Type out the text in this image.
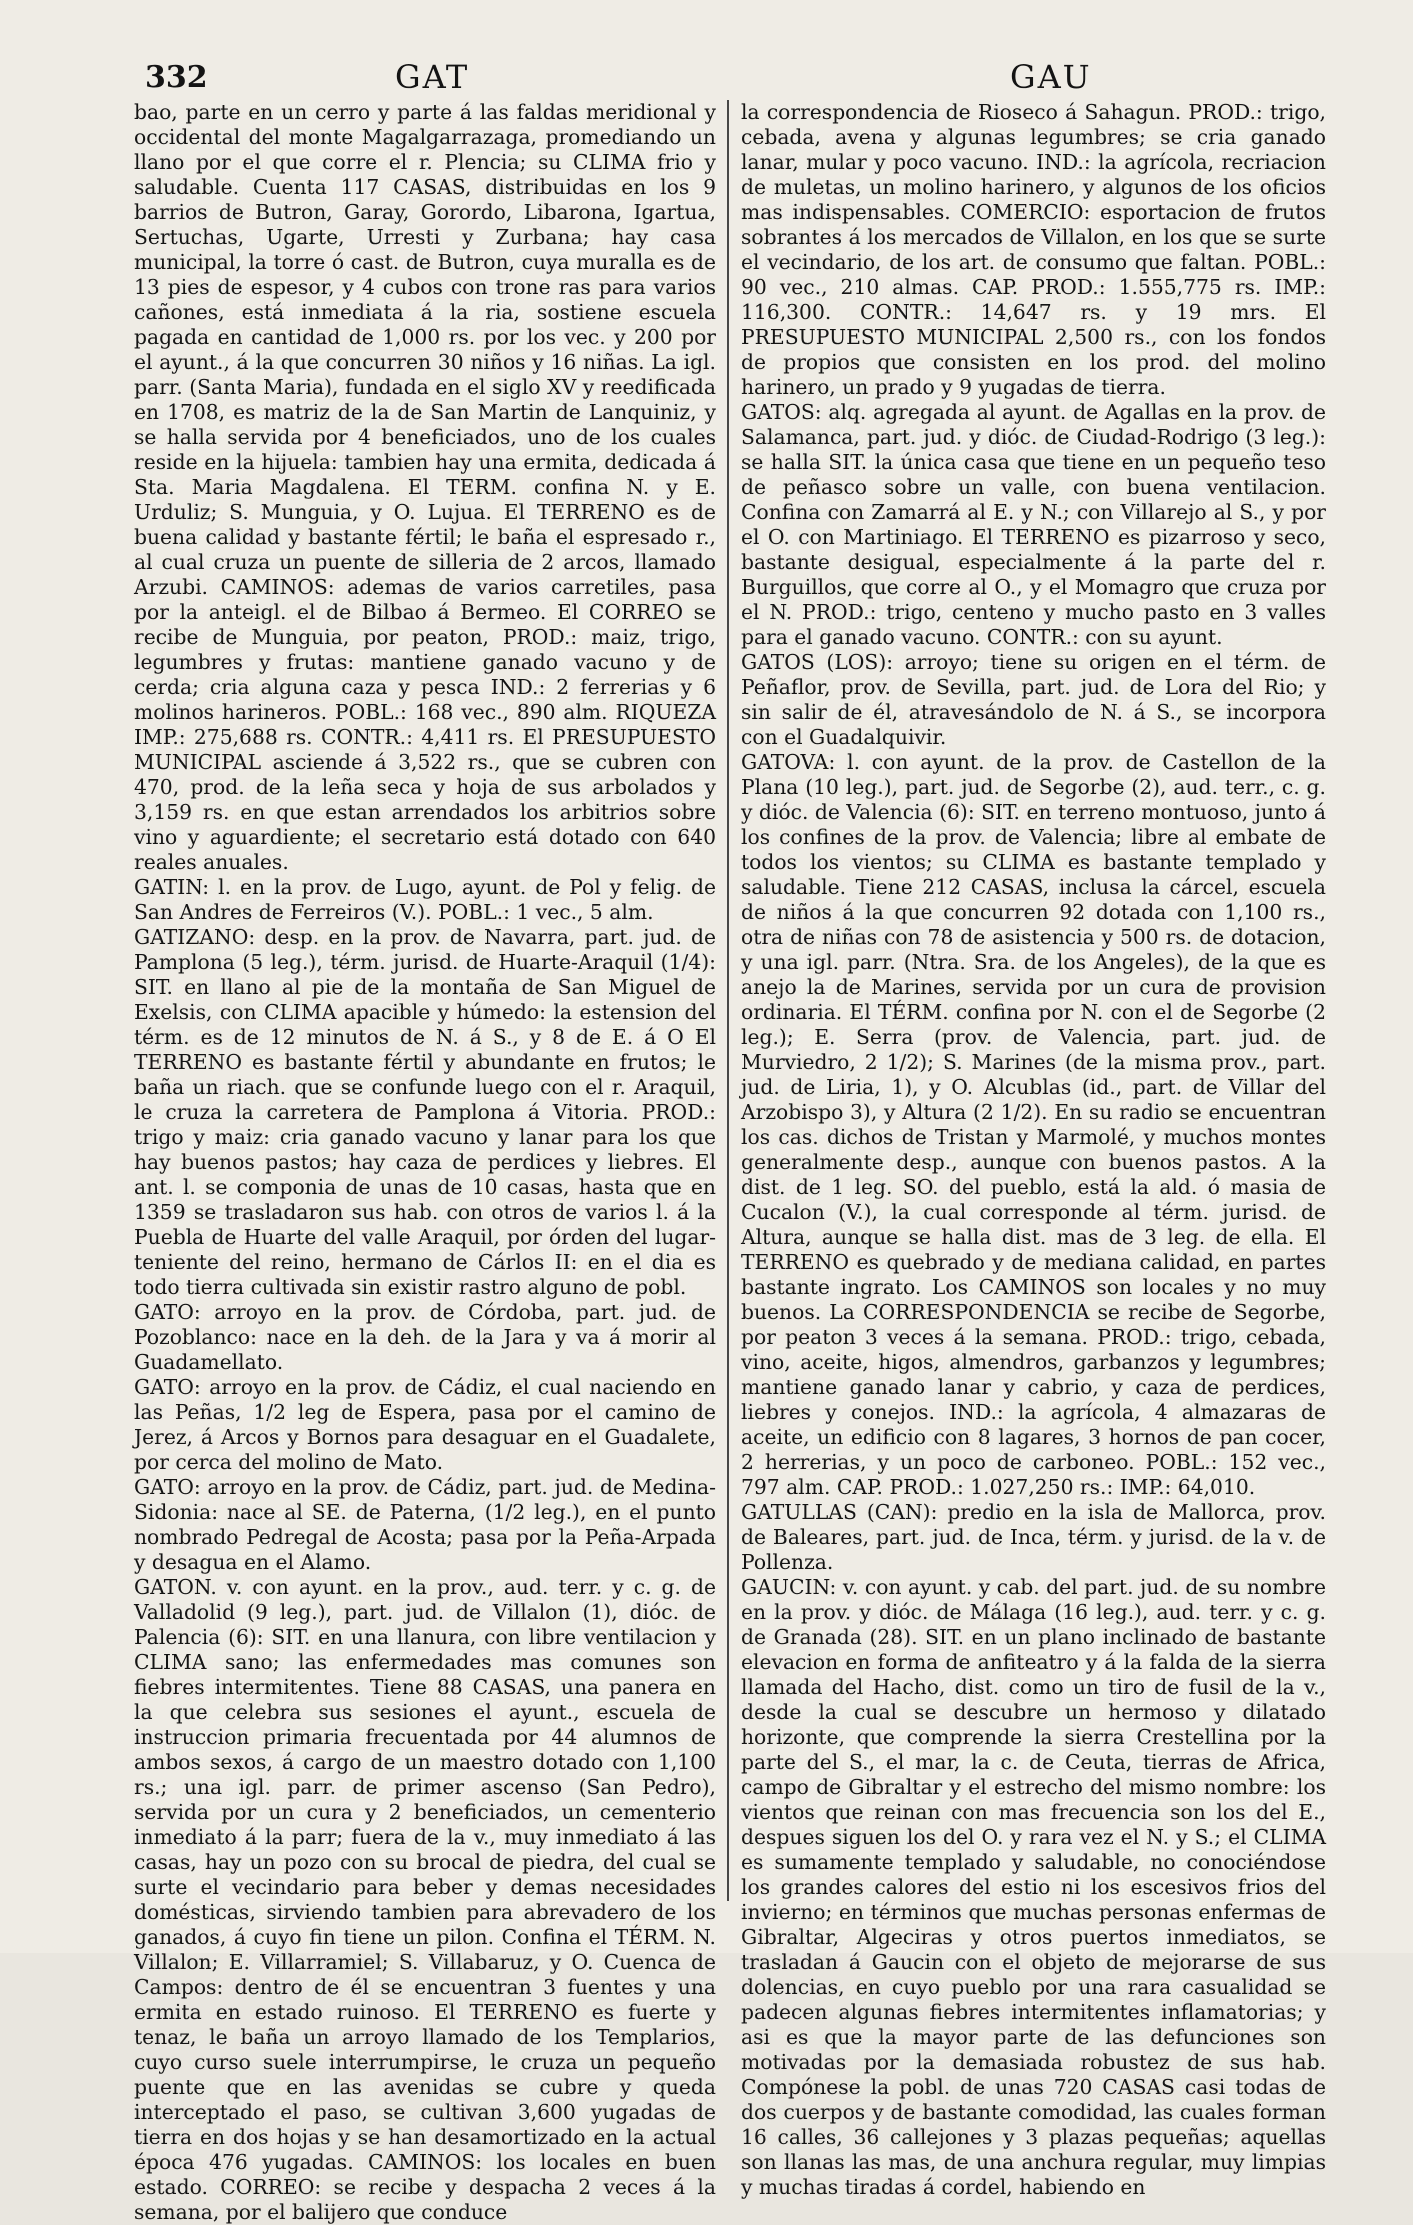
332	GAT	GAU

bao, parte en un cerro y parte á las faldas meridional y occidental del monte Magalgarrazaga, promediando un llano por el que corre el r. Plencia; su CLIMA frio y saludable. Cuenta 117 CASAS, distribuidas en los 9 barrios de Butron, Garay, Gorordo, Libarona, Igartua, Sertuchas, Ugarte, Urresti y Zurbana; hay casa municipal, la torre ó cast. de Butron, cuya muralla es de 13 pies de espesor, y 4 cubos con trone ras para varios cañones, está inmediata á la ria, sostiene escuela pagada en cantidad de 1,000 rs. por los vec. y 200 por el ayunt., á la que concurren 30 niños y 16 niñas. La igl. parr. (Santa Maria), fundada en el siglo XV y reedificada en 1708, es matriz de la de San Martin de Lanquiniz, y se halla servida por 4 beneficiados, uno de los cuales reside en la hijuela: tambien hay una ermita, dedicada á Sta. Maria Magdalena. El TERM. confina N. y E. Urduliz; S. Munguia, y O. Lujua. El TERRENO es de buena calidad y bastante fértil; le baña el espresado r., al cual cruza un puente de silleria de 2 arcos, llamado Arzubi. CAMINOS: ademas de varios carretiles, pasa por la anteigl. el de Bilbao á Bermeo. El CORREO se recibe de Munguia, por peaton, PROD.: maiz, trigo, legumbres y frutas: mantiene ganado vacuno y de cerda; cria alguna caza y pesca IND.: 2 ferrerias y 6 molinos harineros. POBL.: 168 vec., 890 alm. RIQUEZA IMP.: 275,688 rs. CONTR.: 4,411 rs. El PRESUPUESTO MUNICIPAL asciende á 3,522 rs., que se cubren con 470, prod. de la leña seca y hoja de sus arbolados y 3,159 rs. en que estan arrendados los arbitrios sobre vino y aguardiente; el secretario está dotado con 640 reales anuales.

GATIN: l. en la prov. de Lugo, ayunt. de Pol y felig. de San Andres de Ferreiros (V.). POBL.: 1 vec., 5 alm.

GATIZANO: desp. en la prov. de Navarra, part. jud. de Pamplona (5 leg.), térm. jurisd. de Huarte-Araquil (1/4): SIT. en llano al pie de la montaña de San Miguel de Exelsis, con CLIMA apacible y húmedo: la estension del térm. es de 12 minutos de N. á S., y 8 de E. á O El TERRENO es bastante fértil y abundante en frutos; le baña un riach. que se confunde luego con el r. Araquil, le cruza la carretera de Pamplona á Vitoria. PROD.: trigo y maiz: cria ganado vacuno y lanar para los que hay buenos pastos; hay caza de perdices y liebres. El ant. l. se componia de unas de 10 casas, hasta que en 1359 se trasladaron sus hab. con otros de varios l. á la Puebla de Huarte del valle Araquil, por órden del lugar-teniente del reino, hermano de Cárlos II: en el dia es todo tierra cultivada sin existir rastro alguno de pobl.

GATO: arroyo en la prov. de Córdoba, part. jud. de Pozoblanco: nace en la deh. de la Jara y va á morir al Guadamellato.

GATO: arroyo en la prov. de Cádiz, el cual naciendo en las Peñas, 1/2 leg de Espera, pasa por el camino de Jerez, á Arcos y Bornos para desaguar en el Guadalete, por cerca del molino de Mato.

GATO: arroyo en la prov. de Cádiz, part. jud. de Medina-Sidonia: nace al SE. de Paterna, (1/2 leg.), en el punto nombrado Pedregal de Acosta; pasa por la Peña-Arpada y desagua en el Alamo.

GATON. v. con ayunt. en la prov., aud. terr. y c. g. de Valladolid (9 leg.), part. jud. de Villalon (1), dióc. de Palencia (6): SIT. en una llanura, con libre ventilacion y CLIMA sano; las enfermedades mas comunes son fiebres intermitentes. Tiene 88 CASAS, una panera en la que celebra sus sesiones el ayunt., escuela de instruccion primaria frecuentada por 44 alumnos de ambos sexos, á cargo de un maestro dotado con 1,100 rs.; una igl. parr. de primer ascenso (San Pedro), servida por un cura y 2 beneficiados, un cementerio inmediato á la parr; fuera de la v., muy inmediato á las casas, hay un pozo con su brocal de piedra, del cual se surte el vecindario para beber y demas necesidades domésticas, sirviendo tambien para abrevadero de los ganados, á cuyo fin tiene un pilon. Confina el TÉRM. N. Villalon; E. Villarramiel; S. Villabaruz, y O. Cuenca de Campos: dentro de él se encuentran 3 fuentes y una ermita en estado ruinoso. El TERRENO es fuerte y tenaz, le baña un arroyo llamado de los Templarios, cuyo curso suele interrumpirse, le cruza un pequeño puente que en las avenidas se cubre y queda interceptado el paso, se cultivan 3,600 yugadas de tierra en dos hojas y se han desamortizado en la actual época 476 yugadas. CAMINOS: los locales en buen estado. CORREO: se recibe y despacha 2 veces á la semana, por el balijero que conduce

la correspondencia de Rioseco á Sahagun. PROD.: trigo, cebada, avena y algunas legumbres; se cria ganado lanar, mular y poco vacuno. IND.: la agrícola, recriacion de muletas, un molino harinero, y algunos de los oficios mas indispensables. COMERCIO: esportacion de frutos sobrantes á los mercados de Villalon, en los que se surte el vecindario, de los art. de consumo que faltan. POBL.: 90 vec., 210 almas. CAP. PROD.: 1.555,775 rs. IMP.: 116,300. CONTR.: 14,647 rs. y 19 mrs. El PRESUPUESTO MUNICIPAL 2,500 rs., con los fondos de propios que consisten en los prod. del molino harinero, un prado y 9 yugadas de tierra.

GATOS: alq. agregada al ayunt. de Agallas en la prov. de Salamanca, part. jud. y dióc. de Ciudad-Rodrigo (3 leg.): se halla SIT. la única casa que tiene en un pequeño teso de peñasco sobre un valle, con buena ventilacion. Confina con Zamarrá al E. y N.; con Villarejo al S., y por el O. con Martiniago. El TERRENO es pizarroso y seco, bastante desigual, especialmente á la parte del r. Burguillos, que corre al O., y el Momagro que cruza por el N. PROD.: trigo, centeno y mucho pasto en 3 valles para el ganado vacuno. CONTR.: con su ayunt.

GATOS (LOS): arroyo; tiene su origen en el térm. de Peñaflor, prov. de Sevilla, part. jud. de Lora del Rio; y sin salir de él, atravesándolo de N. á S., se incorpora con el Guadalquivir.

GATOVA: l. con ayunt. de la prov. de Castellon de la Plana (10 leg.), part. jud. de Segorbe (2), aud. terr., c. g. y dióc. de Valencia (6): SIT. en terreno montuoso, junto á los confines de la prov. de Valencia; libre al embate de todos los vientos; su CLIMA es bastante templado y saludable. Tiene 212 CASAS, inclusa la cárcel, escuela de niños á la que concurren 92 dotada con 1,100 rs., otra de niñas con 78 de asistencia y 500 rs. de dotacion, y una igl. parr. (Ntra. Sra. de los Angeles), de la que es anejo la de Marines, servida por un cura de provision ordinaria. El TÉRM. confina por N. con el de Segorbe (2 leg.); E. Serra (prov. de Valencia, part. jud. de Murviedro, 2 1/2); S. Marines (de la misma prov., part. jud. de Liria, 1), y O. Alcublas (id., part. de Villar del Arzobispo 3), y Altura (2 1/2). En su radio se encuentran los cas. dichos de Tristan y Marmolé, y muchos montes generalmente desp., aunque con buenos pastos. A la dist. de 1 leg. SO. del pueblo, está la ald. ó masia de Cucalon (V.), la cual corresponde al térm. jurisd. de Altura, aunque se halla dist. mas de 3 leg. de ella. El TERRENO es quebrado y de mediana calidad, en partes bastante ingrato. Los CAMINOS son locales y no muy buenos. La CORRESPONDENCIA se recibe de Segorbe, por peaton 3 veces á la semana. PROD.: trigo, cebada, vino, aceite, higos, almendros, garbanzos y legumbres; mantiene ganado lanar y cabrio, y caza de perdices, liebres y conejos. IND.: la agrícola, 4 almazaras de aceite, un edificio con 8 lagares, 3 hornos de pan cocer, 2 herrerias, y un poco de carboneo. POBL.: 152 vec., 797 alm. CAP. PROD.: 1.027,250 rs.: IMP.: 64,010.

GATULLAS (CAN): predio en la isla de Mallorca, prov. de Baleares, part. jud. de Inca, térm. y jurisd. de la v. de Pollenza.

GAUCIN: v. con ayunt. y cab. del part. jud. de su nombre en la prov. y dióc. de Málaga (16 leg.), aud. terr. y c. g. de Granada (28). SIT. en un plano inclinado de bastante elevacion en forma de anfiteatro y á la falda de la sierra llamada del Hacho, dist. como un tiro de fusil de la v., desde la cual se descubre un hermoso y dilatado horizonte, que comprende la sierra Crestellina por la parte del S., el mar, la c. de Ceuta, tierras de Africa, campo de Gibraltar y el estrecho del mismo nombre: los vientos que reinan con mas frecuencia son los del E., despues siguen los del O. y rara vez el N. y S.; el CLIMA es sumamente templado y saludable, no conociéndose los grandes calores del estio ni los escesivos frios del invierno; en términos que muchas personas enfermas de Gibraltar, Algeciras y otros puertos inmediatos, se trasladan á Gaucin con el objeto de mejorarse de sus dolencias, en cuyo pueblo por una rara casualidad se padecen algunas fiebres intermitentes inflamatorias; y asi es que la mayor parte de las defunciones son motivadas por la demasiada robustez de sus hab. Compónese la pobl. de unas 720 CASAS casi todas de dos cuerpos y de bastante comodidad, las cuales forman 16 calles, 36 callejones y 3 plazas pequeñas; aquellas son llanas las mas, de una anchura regular, muy limpias y muchas tiradas á cordel, habiendo en
